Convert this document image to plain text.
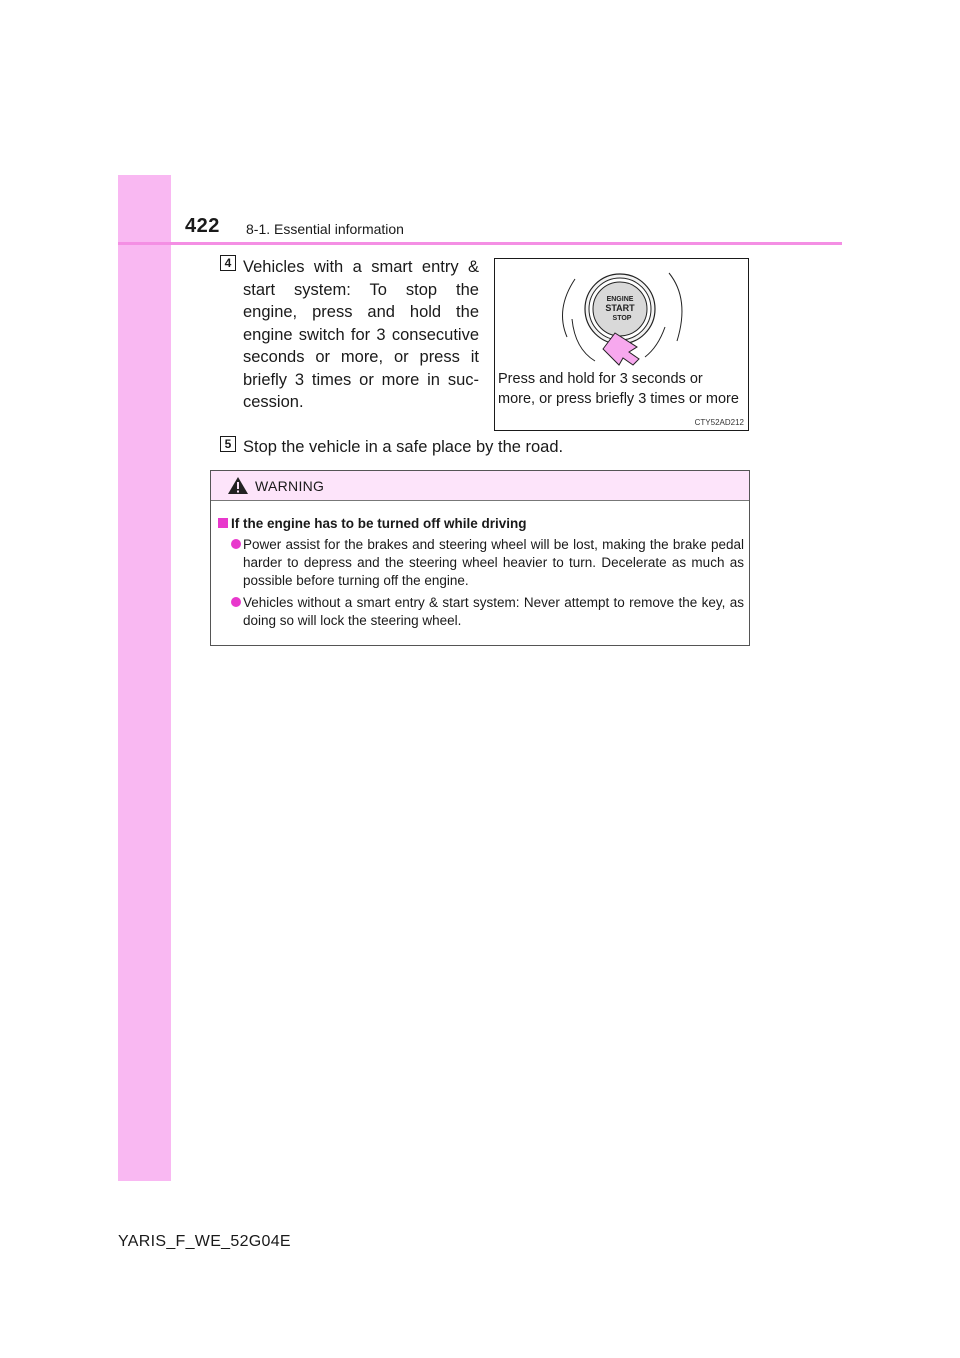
422 8-1. Essential information
4 Vehicles with a smart entry & start system: To stop the engine, press and hold the engine switch for 3 consecutive seconds or more, or press it briefly 3 times or more in suc-cession.
ENGINE
START
STOP
Press and hold for 3 seconds or
more, or press briefly 3 times or more
CTY52AD212
5 Stop the vehicle in a safe place by the road.
WARNING
If the engine has to be turned off while driving
Power assist for the brakes and steering wheel will be lost, making the brake pedal harder to depress and the steering wheel heavier to turn. Decelerate as much as possible before turning off the engine.
Vehicles without a smart entry & start system: Never attempt to remove the key, as doing so will lock the steering wheel.
YARIS_F_WE_52G04E
